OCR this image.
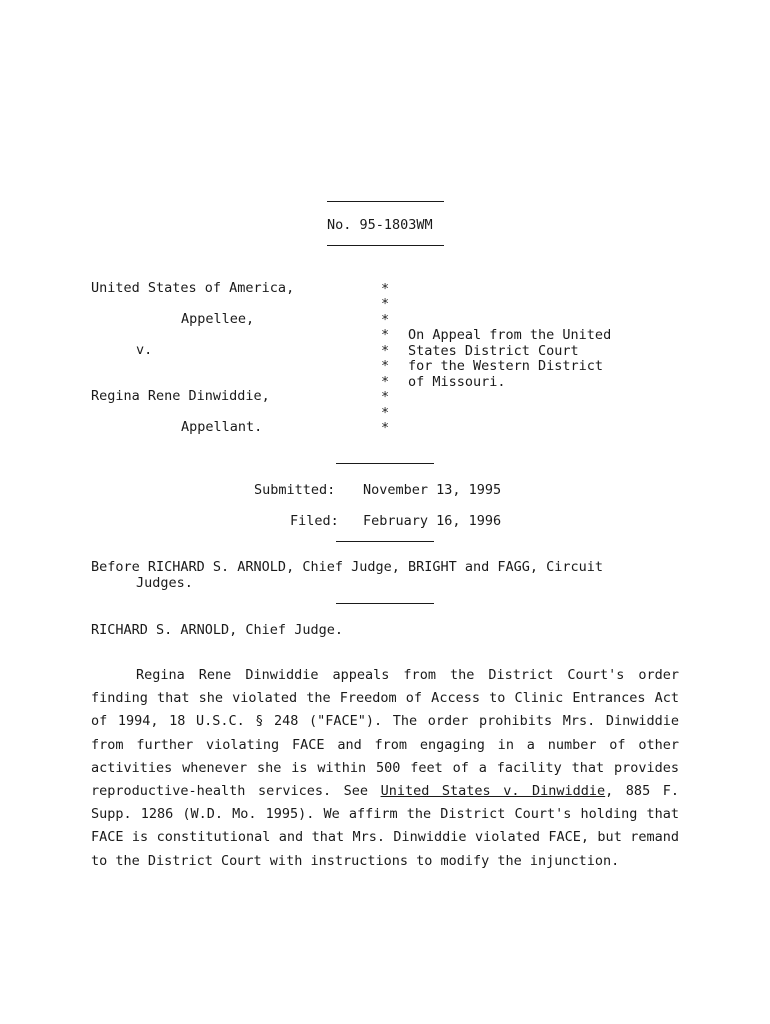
No. 95-1803WM
United States of America,
Appellee,
v.
Regina Rene Dinwiddie,
Appellant.
*
*
*
*
*
*
*
*
*
*
On Appeal from the United
States District Court
for the Western District
of Missouri.
Submitted: November 13, 1995
Filed: February 16, 1996
Before RICHARD S. ARNOLD, Chief Judge, BRIGHT and FAGG, Circuit
Judges.
RICHARD S. ARNOLD, Chief Judge.
Regina Rene Dinwiddie appeals from the District Court's order finding that she violated the Freedom of Access to Clinic Entrances Act of 1994, 18 U.S.C. § 248 ("FACE"). The order prohibits Mrs. Dinwiddie from further violating FACE and from engaging in a number of other activities whenever she is within 500 feet of a facility that provides reproductive-health services. See United States v. Dinwiddie, 885 F. Supp. 1286 (W.D. Mo. 1995). We affirm the District Court's holding that FACE is constitutional and that Mrs. Dinwiddie violated FACE, but remand to the District Court with instructions to modify the injunction.
